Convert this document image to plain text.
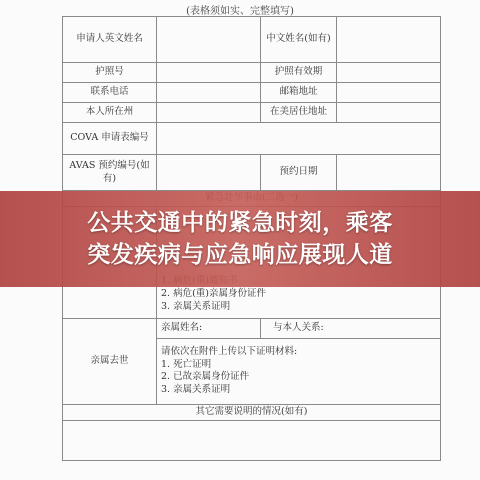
(表格须如实、完整填写)
申请人英文姓名		中文姓名(如有)	
护照号		护照有效期	
联系电话		邮箱地址	
本人所在州		在美居住地址	
COVA 申请表编号			
AVAS 预约编号(如有)		预约日期	

	2. 病危(重)亲属身份证件
3. 亲属关系证明		

亲属去世	亲属姓名:	与本人关系:	

	请依次在附件上传以下证明材料:
1. 死亡证明
2. 已故亲属身份证件
3. 亲属关系证明		

其它需要说明的情况(如有)			

公共交通中的紧急时刻，乘客
突发疾病与应急响应展现人道
